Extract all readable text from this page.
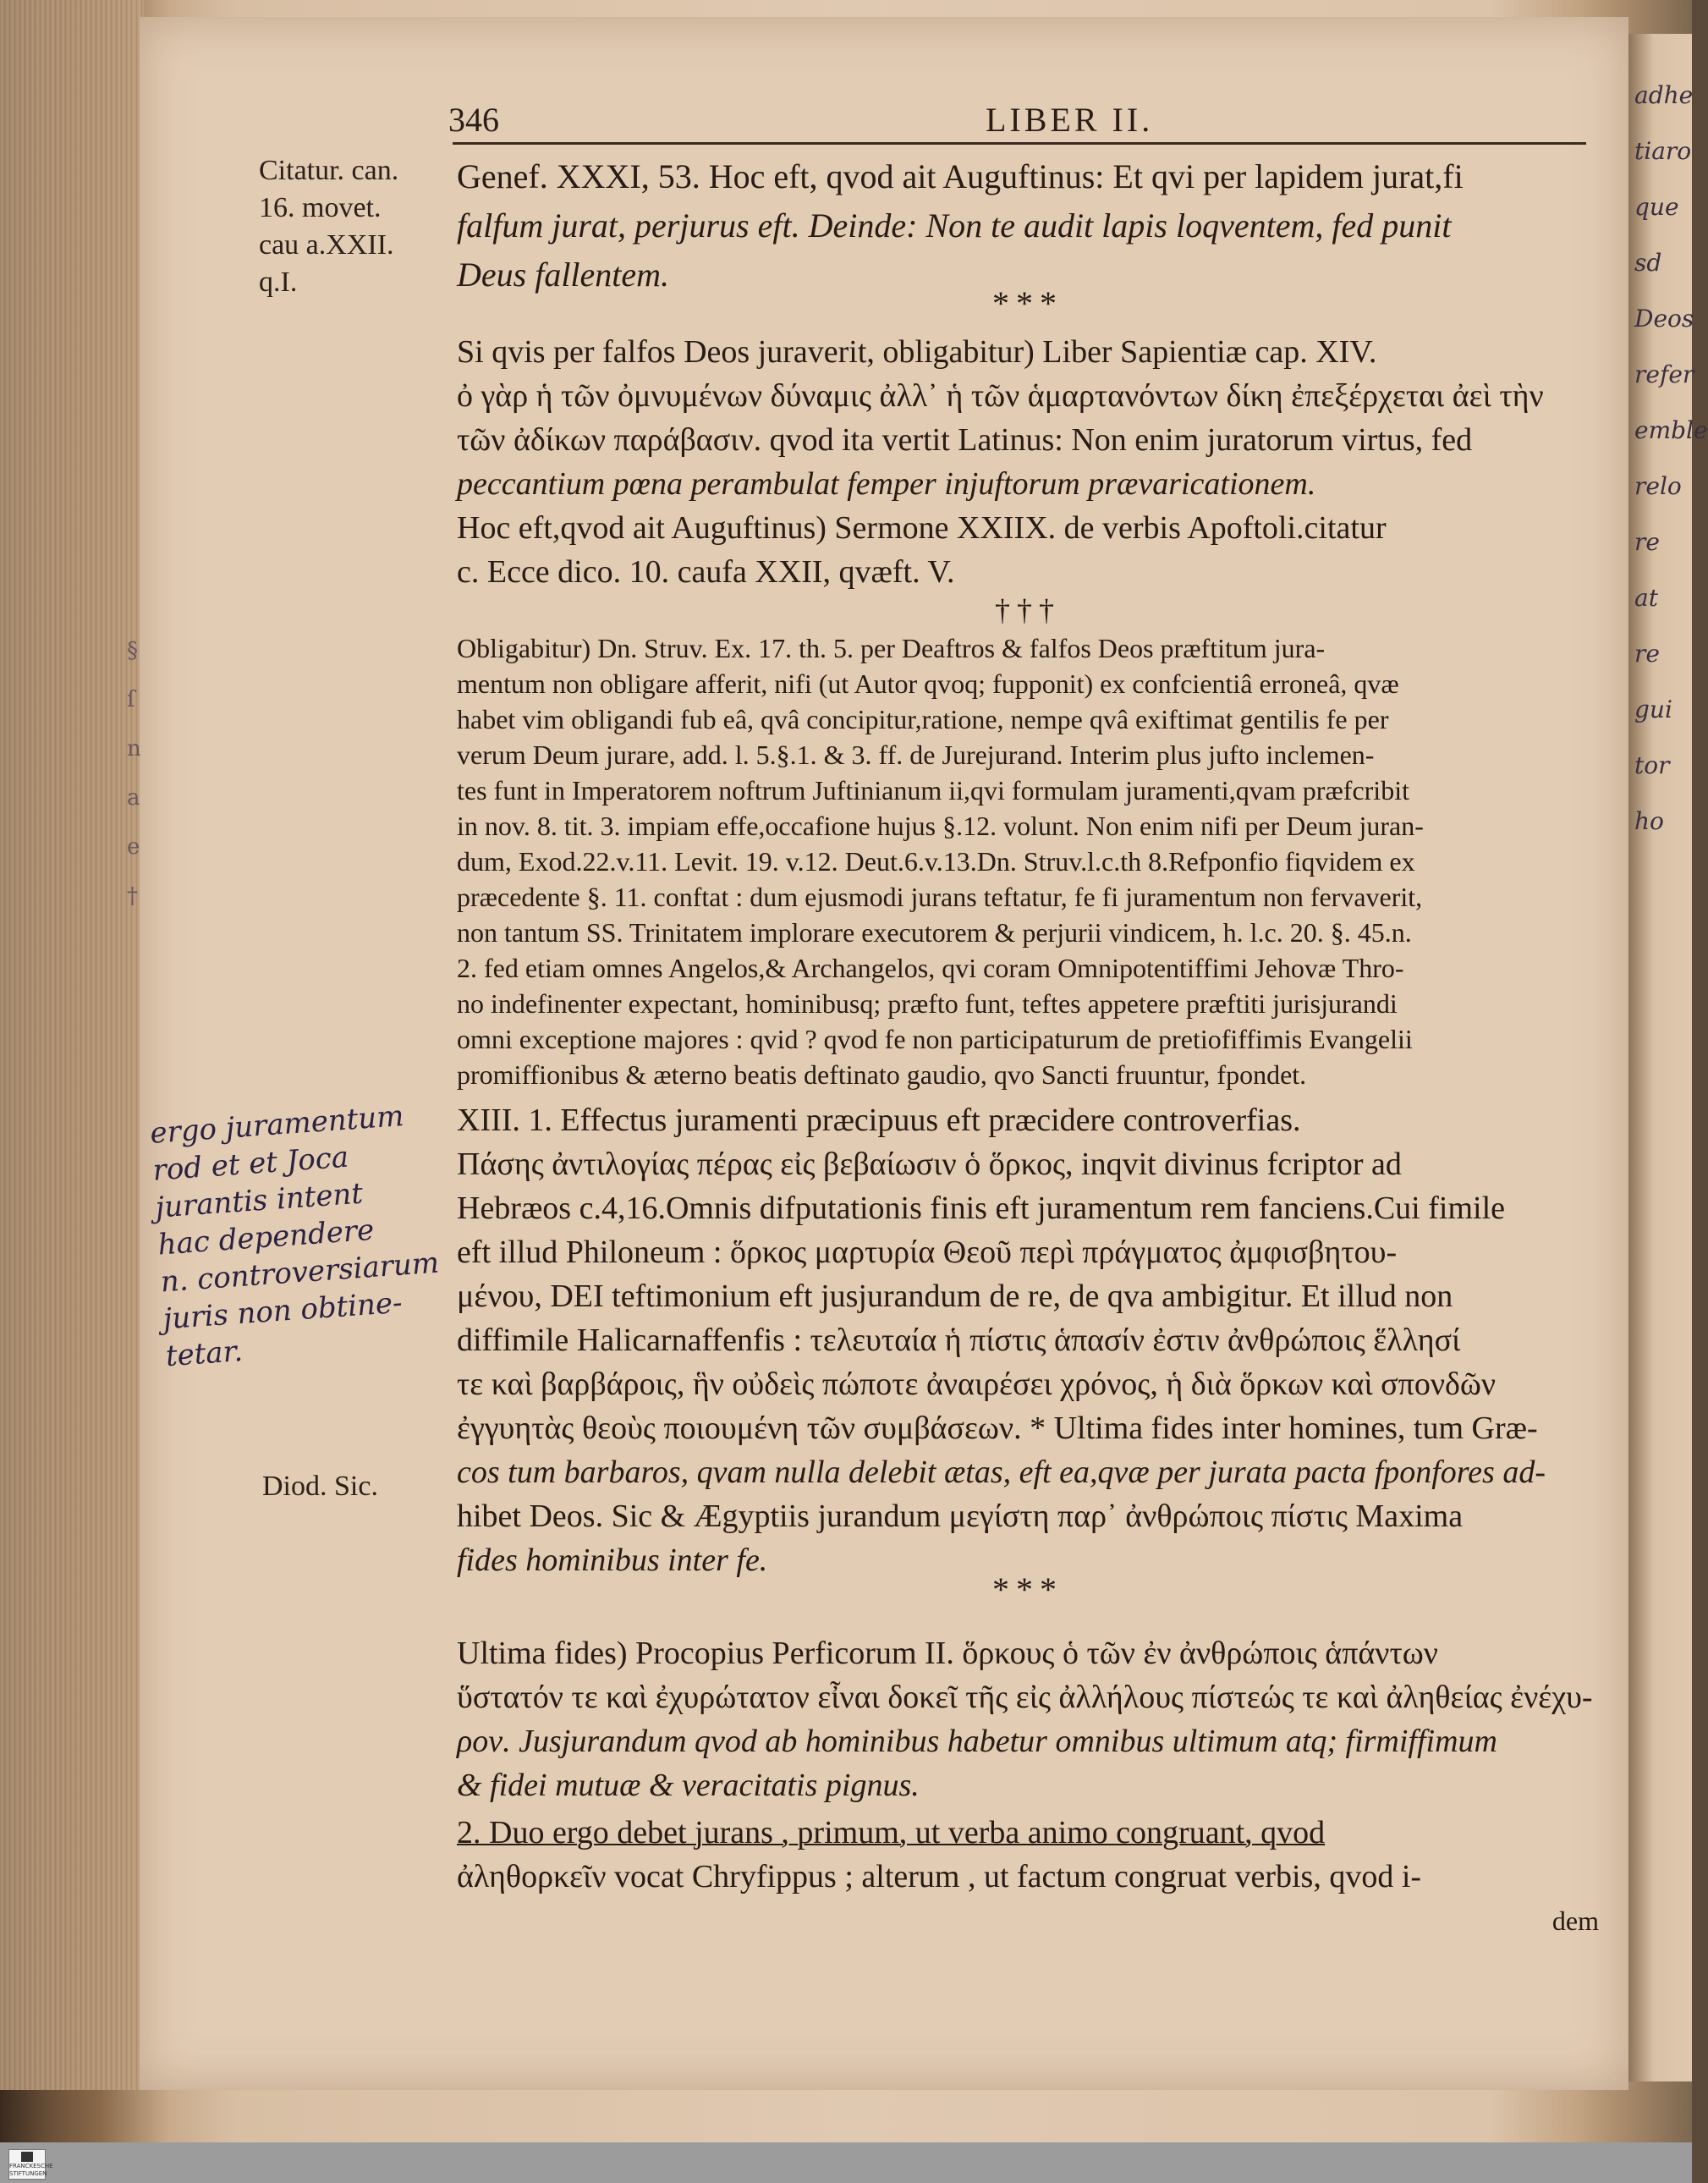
adhe
tiaro
que
sd
Deos
refer
emble
relo
re
at
re
gui
tor
ho
§
ſ
n
a
e
†
346	LIBER II.
Citatur. can.
16. movet.
cau a.XXII.
q.I.
Diod. Sic.
ergo juramentum
rod et et Joca
jurantis intent
hac dependere
n. controversiarum
juris non obtine-
tetar.
Genef. XXXI, 53. Hoc eft, qvod ait Auguftinus: Et qvi per lapidem jurat,fi
falfum jurat, perjurus eft. Deinde: Non te audit lapis loqventem, fed punit
Deus fallentem.
***
Si qvis per falfos Deos juraverit, obligabitur) Liber Sapientiæ cap. XIV.
ὀ γὰρ ἡ τῶν ὀμνυμένων δύναμις ἀλλ᾽ ἡ τῶν ἁμαρτανόντων δίκη ἐπεξέρχεται ἀεὶ τὴν
τῶν ἀδίκων παράβασιν. qvod ita vertit Latinus: Non enim juratorum virtus, fed
peccantium pœna perambulat femper injuftorum prævaricationem.
Hoc eft,qvod ait Auguftinus) Sermone XXIIX. de verbis Apoftoli.citatur
c. Ecce dico. 10. caufa XXII, qvæft. V.
†††
Obligabitur) Dn. Struv. Ex. 17. th. 5. per Deaftros & falfos Deos præftitum jura-
mentum non obligare afferit, nifi (ut Autor qvoq; fupponit) ex confcientiâ erroneâ, qvæ
habet vim obligandi fub eâ, qvâ concipitur,ratione, nempe qvâ exiftimat gentilis fe per
verum Deum jurare, add. l. 5.§.1. & 3. ff. de Jurejurand. Interim plus jufto inclemen-
tes funt in Imperatorem noftrum Juftinianum ii,qvi formulam juramenti,qvam præfcribit
in nov. 8. tit. 3. impiam effe,occafione hujus §.12. volunt. Non enim nifi per Deum juran-
dum, Exod.22.v.11. Levit. 19. v.12. Deut.6.v.13.Dn. Struv.l.c.th 8.Refponfio fiqvidem ex
præcedente §. 11. conftat : dum ejusmodi jurans teftatur, fe fi juramentum non fervaverit,
non tantum SS. Trinitatem implorare executorem & perjurii vindicem, h. l.c. 20. §. 45.n.
2. fed etiam omnes Angelos,& Archangelos, qvi coram Omnipotentiffimi Jehovæ Thro-
no indefinenter expectant, hominibusq; præfto funt, teftes appetere præftiti jurisjurandi
omni exceptione majores : qvid ? qvod fe non participaturum de pretiofiffimis Evangelii
promiffionibus & æterno beatis deftinato gaudio, qvo Sancti fruuntur, fpondet.
XIII. 1. Effectus juramenti præcipuus eft præcidere controverfias.
Πάσης ἀντιλογίας πέρας εἰς βεβαίωσιν ὁ ὅρκος, inqvit divinus fcriptor ad
Hebræos c.4,16.Omnis difputationis finis eft juramentum rem fanciens.Cui fimile
eft illud Philoneum : ὅρκος μαρτυρία Θεοῦ περὶ πράγματος ἀμφισβητου-
μένου, DEI teftimonium eft jusjurandum de re, de qva ambigitur. Et illud non
diffimile Halicarnaffenfis : τελευταία ἡ πίστις ἁπασίν ἐστιν ἀνθρώποις ἕλλησί
τε καὶ βαρβάροις, ἣν οὐδεὶς πώποτε ἀναιρέσει χρόνος, ἡ διὰ ὅρκων καὶ σπονδῶν
ἐγγυητὰς θεοὺς ποιουμένη τῶν συμβάσεων. * Ultima fides inter homines, tum Græ-
cos tum barbaros, qvam nulla delebit ætas, eft ea,qvæ per jurata pacta fponfores ad-
hibet Deos. Sic & Ægyptiis jurandum μεγίστη παρ᾽ ἀνθρώποις πίστις Maxima
fides hominibus inter fe.
***
Ultima fides) Procopius Perficorum II. ὅρκους ὁ τῶν ἐν ἀνθρώποις ἁπάντων
ὕστατόν τε καὶ ἐχυρώτατον εἶναι δοκεῖ τῆς εἰς ἀλλήλους πίστεώς τε καὶ ἀληθείας ἐνέχυ-
ρον. Jusjurandum qvod ab hominibus habetur omnibus ultimum atq; firmiffimum
& fidei mutuæ & veracitatis pignus.
2. Duo ergo debet jurans , primum, ut verba animo congruant, qvod
ἀληθορκεῖν vocat Chryfippus ; alterum , ut factum congruat verbis, qvod i-
dem
FRANCKESCHE STIFTUNGEN
